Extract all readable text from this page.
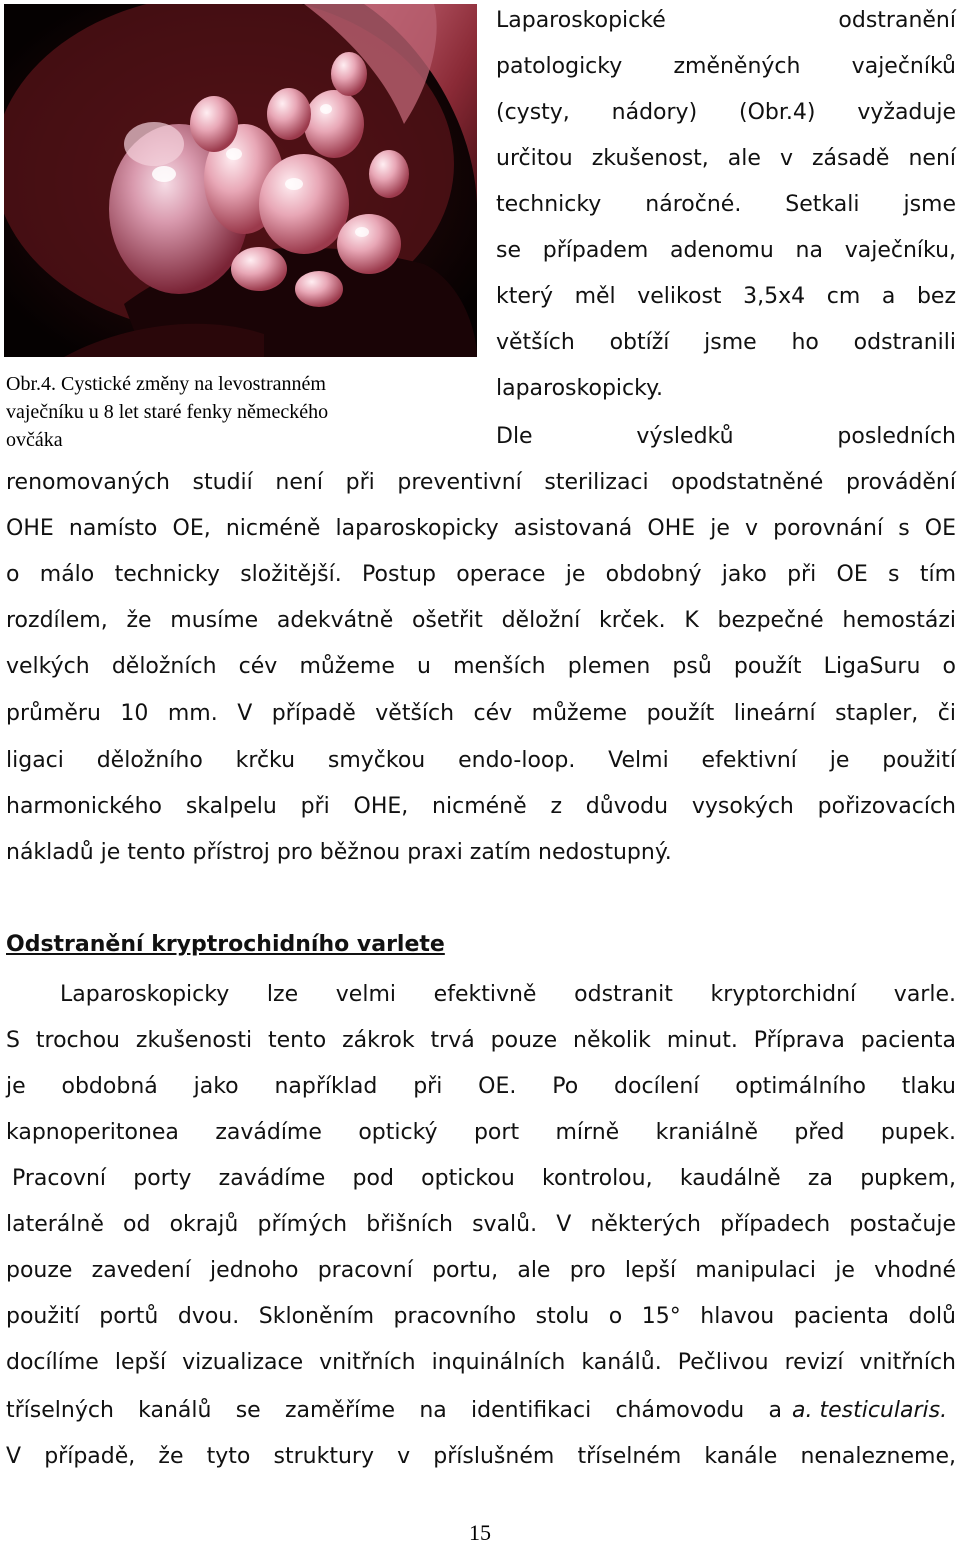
Obr.4. Cystické změny na levostranném
vaječníku u 8 let staré fenky německého
ovčáka
Laparoskopické odstranění
patologicky změněných vaječníků
(cysty, nádory) (Obr.4) vyžaduje
určitou zkušenost, ale v zásadě není
technicky náročné. Setkali jsme
se případem adenomu na vaječníku,
který měl velikost 3,5x4 cm a bez
větších obtíží jsme ho odstranili
laparoskopicky.
Dle výsledků posledních
renomovaných studií není při preventivní sterilizaci opodstatněné provádění
OHE namísto OE, nicméně laparoskopicky asistovaná OHE je v porovnání s OE
o málo technicky složitější. Postup operace je obdobný jako při OE s tím
rozdílem, že musíme adekvátně ošetřit děložní krček. K bezpečné hemostázi
velkých děložních cév můžeme u menších plemen psů použít LigaSuru o
průměru 10 mm. V případě větších cév můžeme použít lineární stapler, či
ligaci děložního krčku smyčkou endo-loop. Velmi efektivní je použití
harmonického skalpelu při OHE, nicméně z důvodu vysokých pořizovacích
nákladů je tento přístroj pro běžnou praxi zatím nedostupný.
Odstranění kryptrochidního varlete
Laparoskopicky lze velmi efektivně odstranit kryptorchidní varle.
S trochou zkušenosti tento zákrok trvá pouze několik minut. Příprava pacienta
je obdobná jako například při OE. Po docílení optimálního tlaku
kapnoperitonea zavádíme optický port mírně kraniálně před pupek.
Pracovní porty zavádíme pod optickou kontrolou, kaudálně za pupkem,
laterálně od okrajů přímých břišních svalů. V některých případech postačuje
pouze zavedení jednoho pracovní portu, ale pro lepší manipulaci je vhodné
použití portů dvou. Skloněním pracovního stolu o 15° hlavou pacienta dolů
docílíme lepší vizualizace vnitřních inquinálních kanálů. Pečlivou revizí vnitřních
tříselných kanálů se zaměříme na identifikaci chámovodu a a. testicularis.
V případě, že tyto struktury v příslušném tříselném kanále nenalezneme,
15
